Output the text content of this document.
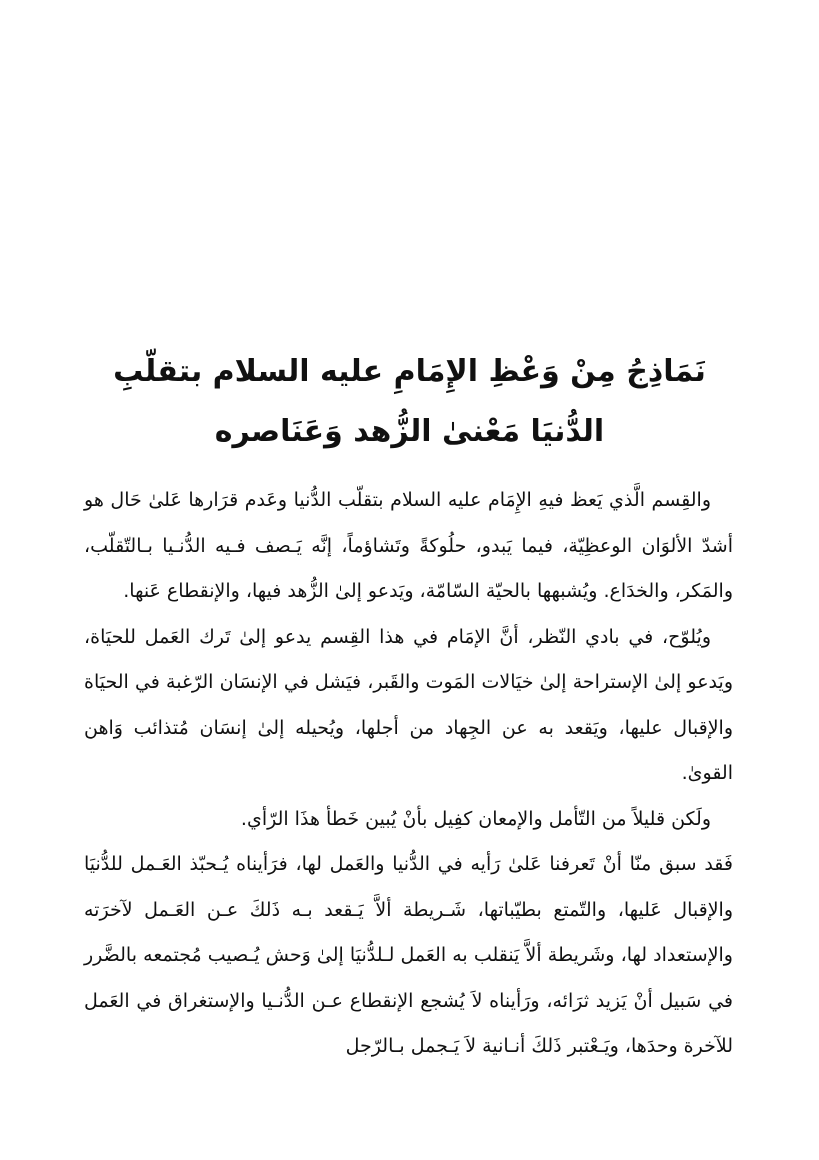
نَمَاذِجُ مِنْ وَعْظِ الإِمَامِ عليه السلام بتقلّبِ
الدُّنيَا مَعْنىٰ الزُّهد وَعَنَاصره

والقِسم الَّذي يَعظ فيهِ الإِمَام عليه السلام بتقلّب الدُّنيا وعَدم قرَارها عَلىٰ حَال هو أشدّ الألوَان الوعظِيّة، فيما يَبدو، حلُوكةً وتَشاؤماً، إنَّه يَـصف فـيه الدُّنـيا بـالتّقلّب، والمَكر، والخدَاع. ويُشبهها بالحيّة السّامّة، ويَدعو إلىٰ الزُّهد فيها، والإنقطاع عَنها.

ويُلوّح، في بادي النّظر، أنَّ الإمَام في هذا القِسم يدعو إلىٰ تَرك العَمل للحيَاة، ويَدعو إلىٰ الإستراحة إلىٰ خيَالات المَوت والقَبر، فيَشل في الإنسَان الرّغبة في الحيَاة والإقبال عليها، ويَقعد به عن الجِهاد من أجلها، ويُحيله إلىٰ إنسَان مُتذائب وَاهن القوىٰ.

ولَكن قليلاً من التّأمل والإمعان كفِيل بأنْ يُبين خَطأ هذَا الرّأي.

فَقد سبق منّا أنْ تَعرفنا عَلىٰ رَأيه في الدُّنيا والعَمل لها، فرَأيناه يُـحبّذ العَـمل للدُّنيَا والإقبال عَليها، والتّمتع بطيّباتها، شَـريطة ألاَّ يَـقعد بـه ذَلكَ عـن العَـمل لآخرَته والإستعداد لها، وشَريطة ألاَّ يَنقلب به العَمل لـلدُّنيَا إلىٰ وَحش يُـصيب مُجتمعه بالضَّرر في سَبيل أنْ يَزيد ثرَائه، ورَأيناه لاَ يُشجع الإنقطاع عـن الدُّنـيا والإستغراق في العَمل للآخرة وحدَها، ويَـعْتبر ذَلكَ أنـانية لاَ يَـجمل بـالرّجل
